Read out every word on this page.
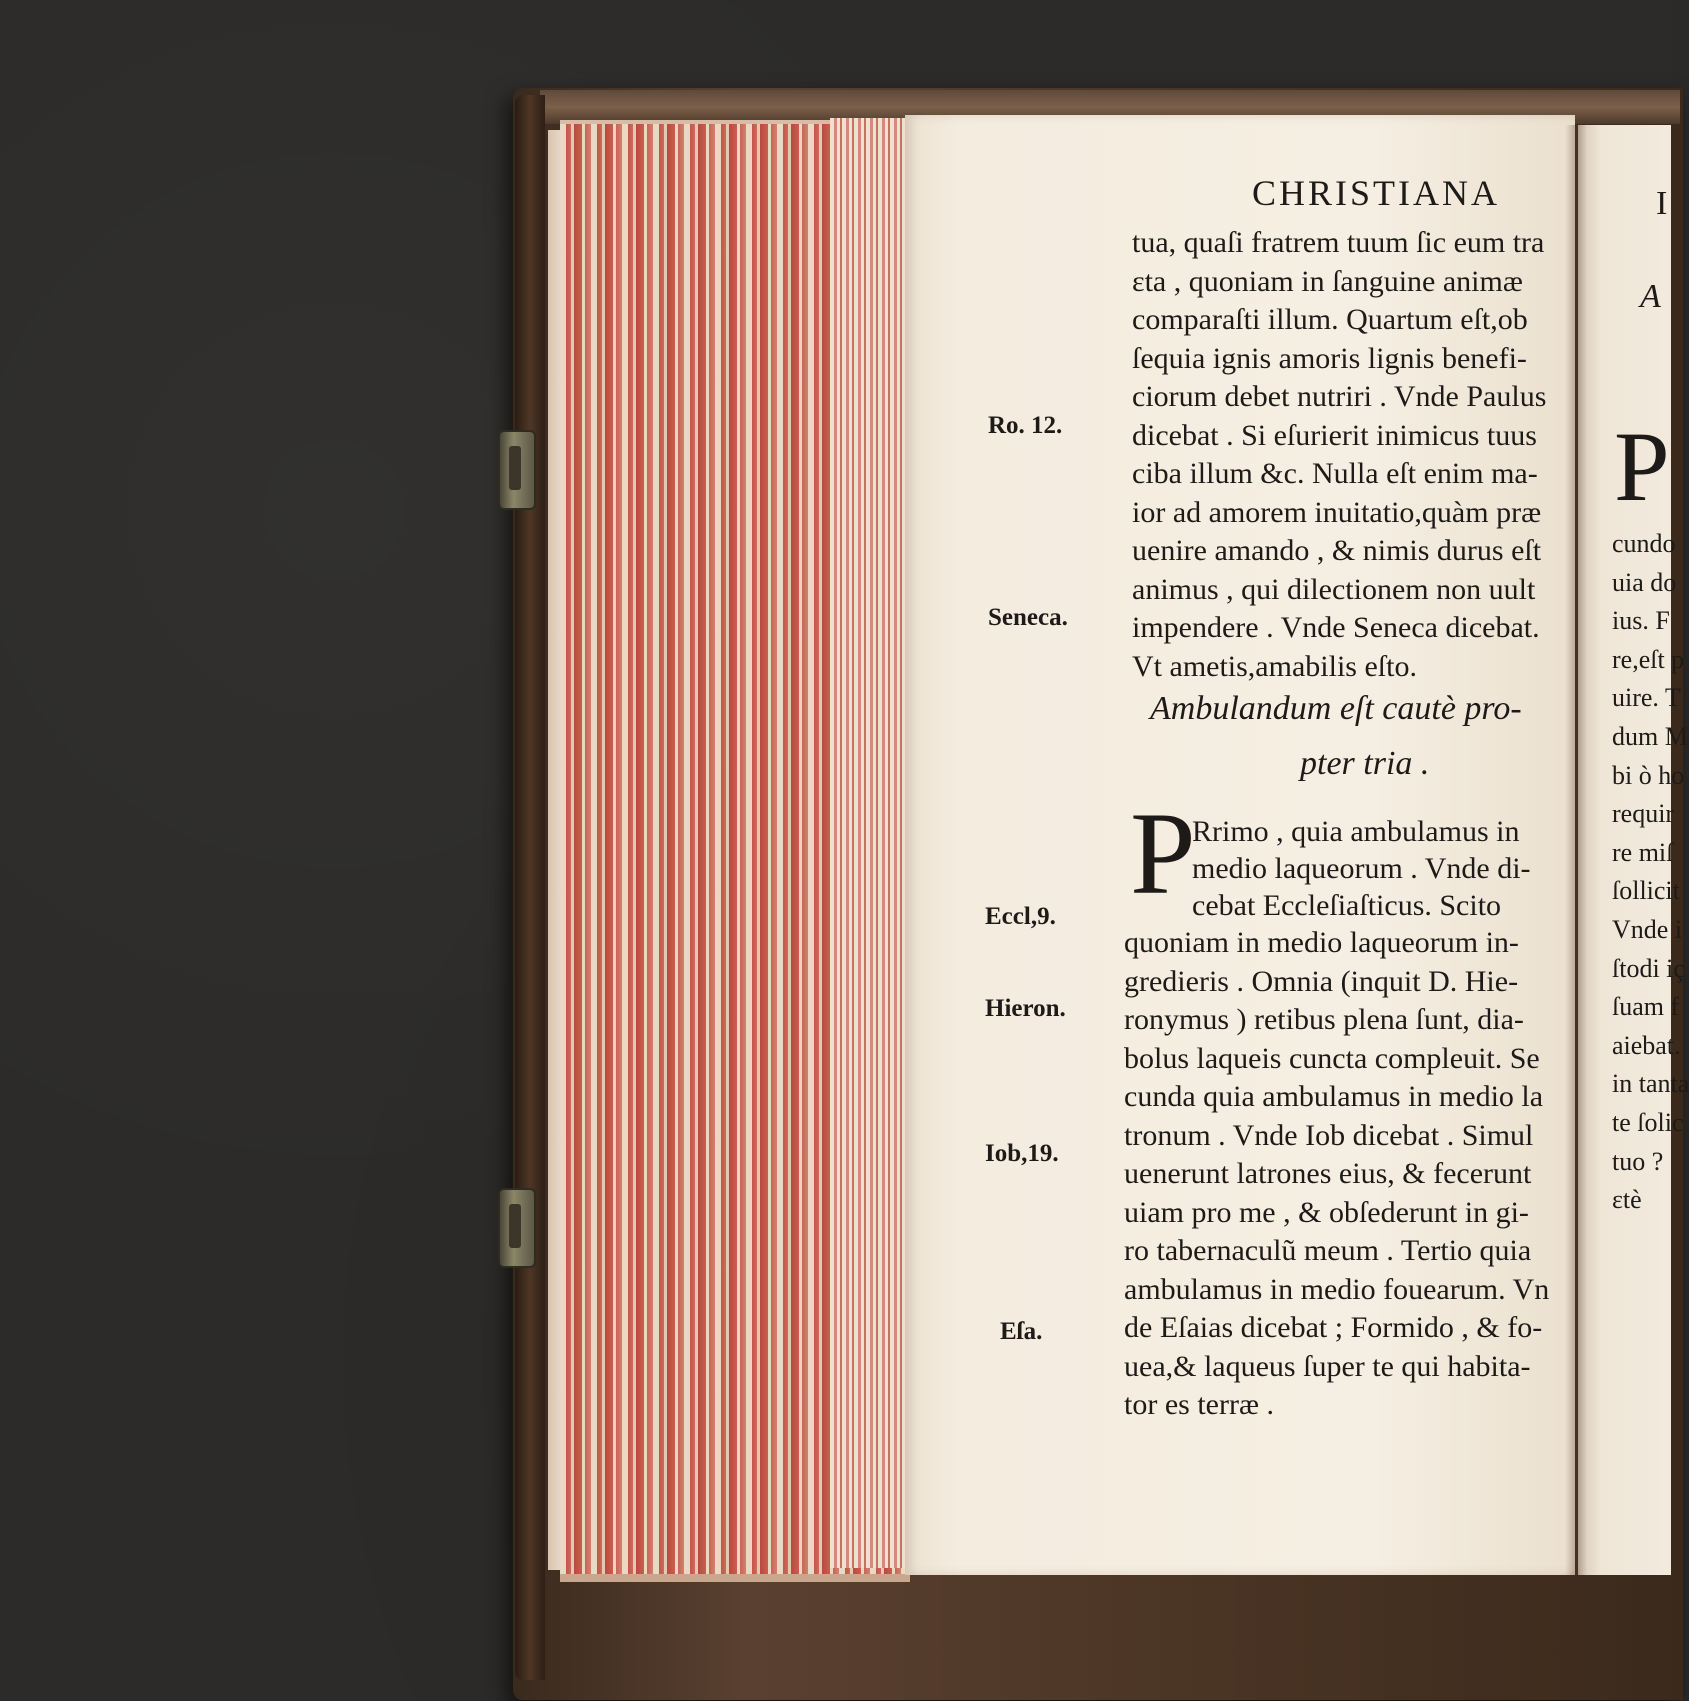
CHRISTIANA
tua, quaſi fratrem tuum ſic eum tra
ɛta , quoniam in ſanguine animæ
comparaſti illum. Quartum eſt,ob
ſequia ignis amoris lignis benefi-
ciorum debet nutriri . Vnde Paulus
dicebat . Si eſurierit inimicus tuus
ciba illum &c. Nulla eſt enim ma-
ior ad amorem inuitatio,quàm præ
uenire amando , & nimis durus eſt
animus , qui dilectionem non uult
impendere . Vnde Seneca dicebat.
Vt ametis,amabilis eſto.
Ro. 12.
Seneca.
Ambulandum eſt cautè pro-
pter tria .
P
Rrimo , quia ambulamus in
medio laqueorum . Vnde di-
cebat Eccleſiaſticus. Scito
quoniam in medio laqueorum in-
gredieris . Omnia (inquit D. Hie-
ronymus ) retibus plena ſunt, dia-
bolus laqueis cuncta compleuit. Se
cunda quia ambulamus in medio la
tronum . Vnde Iob dicebat . Simul
uenerunt latrones eius, & fecerunt
uiam pro me , & obſederunt in gi-
ro tabernaculũ meum . Tertio quia
ambulamus in medio fouearum. Vn
de Eſaias dicebat ; Formido , & fo-
uea,& laqueus ſuper te qui habita-
tor es terræ .
Eccl,9.
Hieron.
Iob,19.
Eſa.
I
A
P
cundo
uia do
ius. F
re,eſt p
uire. T
dum M
bi ò ho
requir
re miſ
ſollicit
Vnde i
ſtodi iç
ſuam f
aiebat.
in tanta
te ſolic
tuo ?
ɛtè
